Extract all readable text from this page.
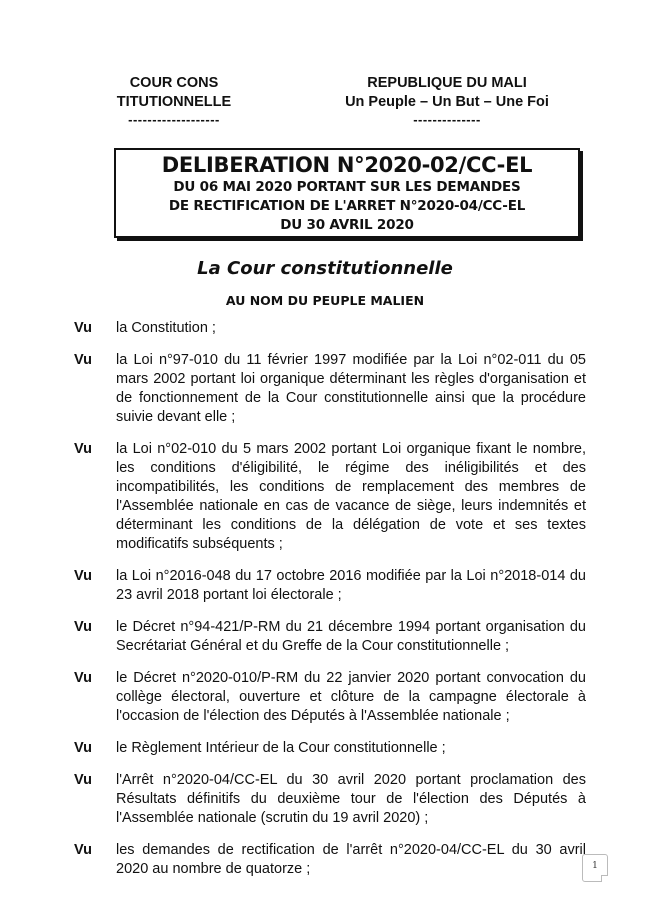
COUR CONS TITUTIONNELLE
-------------------
REPUBLIQUE DU MALI
Un Peuple – Un But – Une Foi
--------------
DELIBERATION N°2020-02/CC-EL
DU 06 MAI 2020 PORTANT SUR LES DEMANDES
DE RECTIFICATION DE L'ARRET N°2020-04/CC-EL
DU 30 AVRIL 2020
La Cour constitutionnelle
AU NOM DU PEUPLE MALIEN
Vu	la Constitution ;
Vu	la Loi n°97-010 du 11 février 1997 modifiée par la Loi n°02-011 du 05 mars 2002 portant loi organique déterminant les règles d'organisation et de fonctionnement de la Cour constitutionnelle ainsi que la procédure suivie devant elle ;
Vu	la Loi n°02-010 du 5 mars 2002 portant Loi organique fixant le nombre, les conditions d'éligibilité, le régime des inéligibilités et des incompatibilités, les conditions de remplacement des membres de l'Assemblée nationale en cas de vacance de siège, leurs indemnités et déterminant les conditions de la délégation de vote et ses textes modificatifs subséquents ;
Vu	la Loi n°2016-048 du 17 octobre 2016 modifiée par la Loi n°2018-014 du 23 avril 2018 portant loi électorale ;
Vu	le Décret n°94-421/P-RM du 21 décembre 1994 portant organisation du Secrétariat Général et du Greffe de la Cour constitutionnelle ;
Vu	le Décret n°2020-010/P-RM du 22 janvier 2020 portant convocation du collège électoral, ouverture et clôture de la campagne électorale à l'occasion de l'élection des Députés à l'Assemblée nationale ;
Vu	le Règlement Intérieur de la Cour constitutionnelle ;
Vu	l'Arrêt n°2020-04/CC-EL du 30 avril 2020 portant proclamation des Résultats définitifs du deuxième tour de l'élection des Députés à l'Assemblée nationale (scrutin du 19 avril 2020) ;
Vu	les demandes de rectification de l'arrêt n°2020-04/CC-EL du 30 avril 2020 au nombre de quatorze ;	1
